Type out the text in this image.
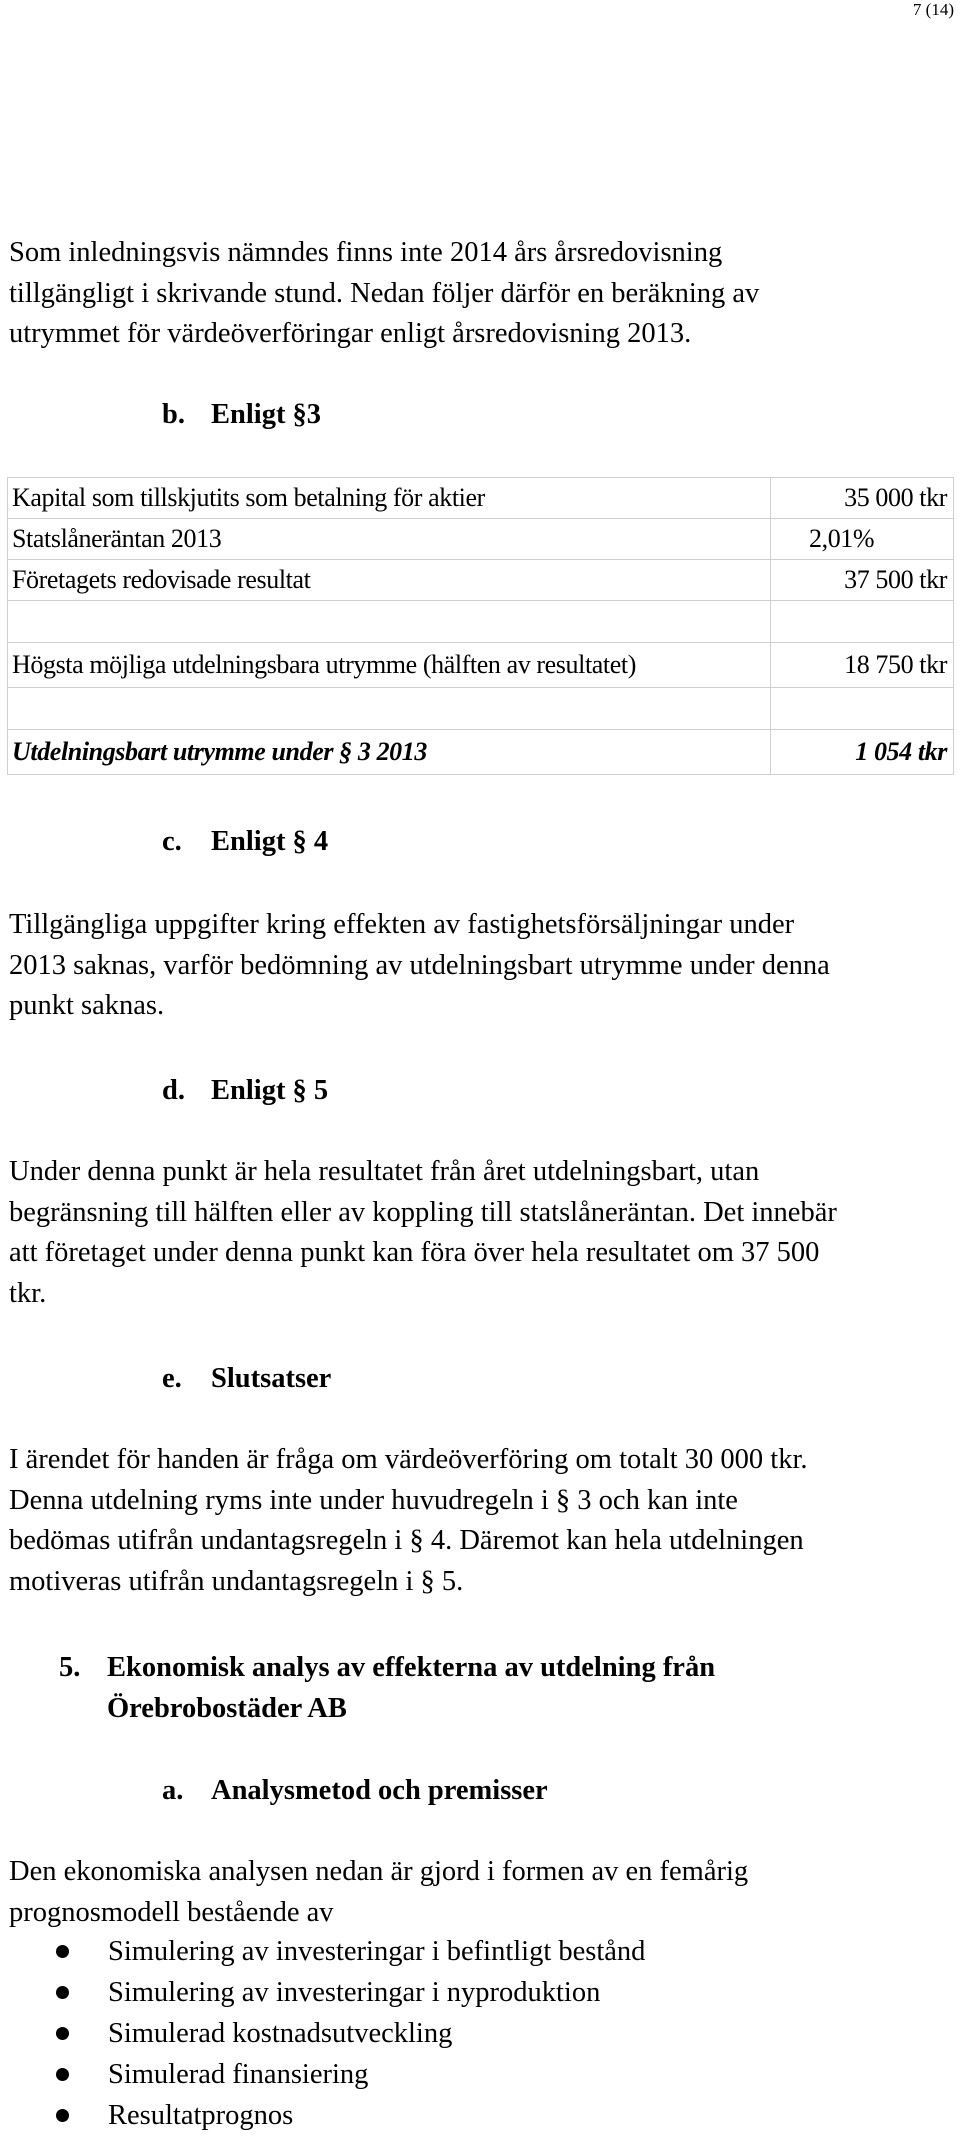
7 (14)
Som inledningsvis nämndes finns inte 2014 års årsredovisning
tillgängligt i skrivande stund. Nedan följer därför en beräkning av
utrymmet för värdeöverföringar enligt årsredovisning 2013.
b. Enligt §3
Kapital som tillskjutits som betalning för aktier	35 000 tkr
Statslåneräntan 2013	2,01%
Företagets redovisade resultat	37 500 tkr

Högsta möjliga utdelningsbara utrymme (hälften av resultatet)	18 750 tkr

Utdelningsbart utrymme under § 3 2013	1 054 tkr
c. Enligt § 4
Tillgängliga uppgifter kring effekten av fastighetsförsäljningar under
2013 saknas, varför bedömning av utdelningsbart utrymme under denna
punkt saknas.
d. Enligt § 5
Under denna punkt är hela resultatet från året utdelningsbart, utan
begränsning till hälften eller av koppling till statslåneräntan. Det innebär
att företaget under denna punkt kan föra över hela resultatet om 37 500
tkr.
e. Slutsatser
I ärendet för handen är fråga om värdeöverföring om totalt 30 000 tkr.
Denna utdelning ryms inte under huvudregeln i § 3 och kan inte
bedömas utifrån undantagsregeln i § 4. Däremot kan hela utdelningen
motiveras utifrån undantagsregeln i § 5.
5. Ekonomisk analys av effekterna av utdelning från
Örebrobostäder AB
a. Analysmetod och premisser
Den ekonomiska analysen nedan är gjord i formen av en femårig
prognosmodell bestående av
Simulering av investeringar i befintligt bestånd
Simulering av investeringar i nyproduktion
Simulerad kostnadsutveckling
Simulerad finansiering
Resultatprognos
